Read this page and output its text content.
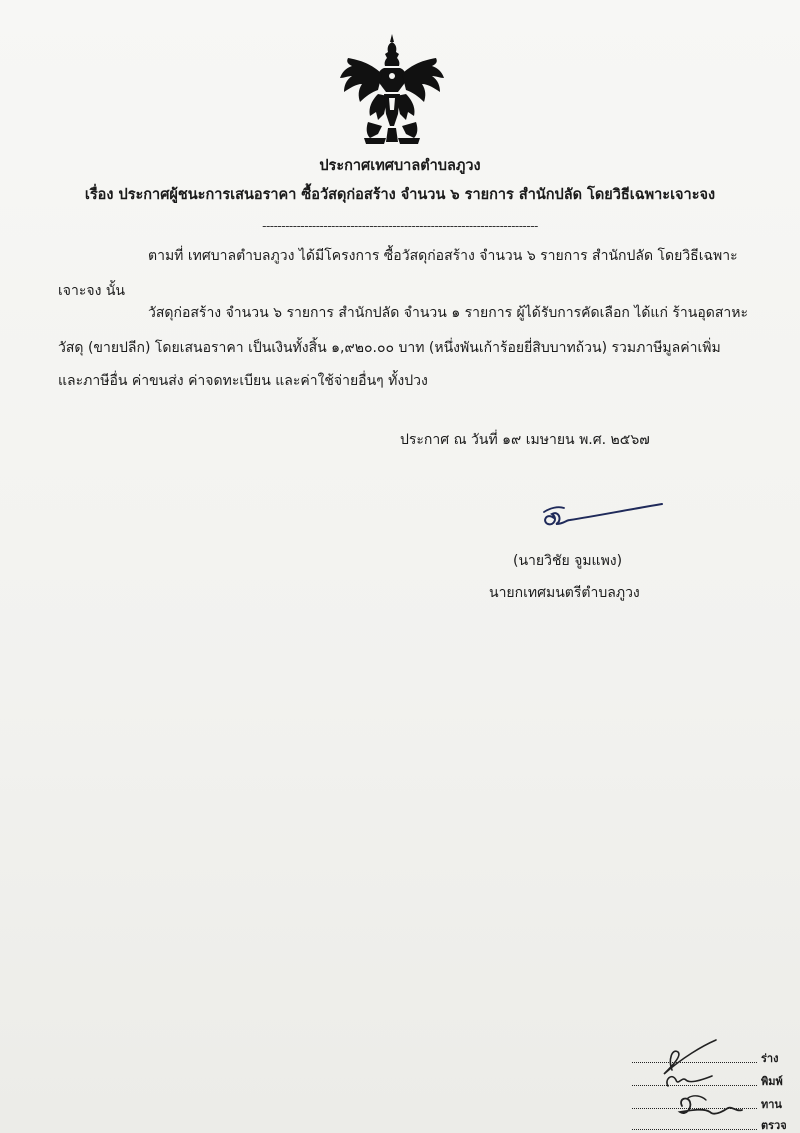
ประกาศเทศบาลตำบลภูวง
เรื่อง ประกาศผู้ชนะการเสนอราคา ซื้อวัสดุก่อสร้าง จำนวน ๖ รายการ สำนักปลัด โดยวิธีเฉพาะเจาะจง
------------------------------------------------------------------------
ตามที่ เทศบาลตำบลภูวง ได้มีโครงการ ซื้อวัสดุก่อสร้าง จำนวน ๖ รายการ สำนักปลัด โดยวิธีเฉพาะ
เจาะจง นั้น
วัสดุก่อสร้าง จำนวน ๖ รายการ สำนักปลัด จำนวน ๑ รายการ ผู้ได้รับการคัดเลือก ได้แก่ ร้านอุดสาหะ
วัสดุ (ขายปลีก) โดยเสนอราคา เป็นเงินทั้งสิ้น ๑,๙๒๐.๐๐ บาท (หนึ่งพันเก้าร้อยยี่สิบบาทถ้วน) รวมภาษีมูลค่าเพิ่ม
และภาษีอื่น ค่าขนส่ง ค่าจดทะเบียน และค่าใช้จ่ายอื่นๆ ทั้งปวง
ประกาศ ณ วันที่ ๑๙ เมษายน พ.ศ. ๒๕๖๗
(นายวิชัย จูมแพง)
นายกเทศมนตรีตำบลภูวง
ร่าง
พิมพ์
ทาน
ตรวจ
